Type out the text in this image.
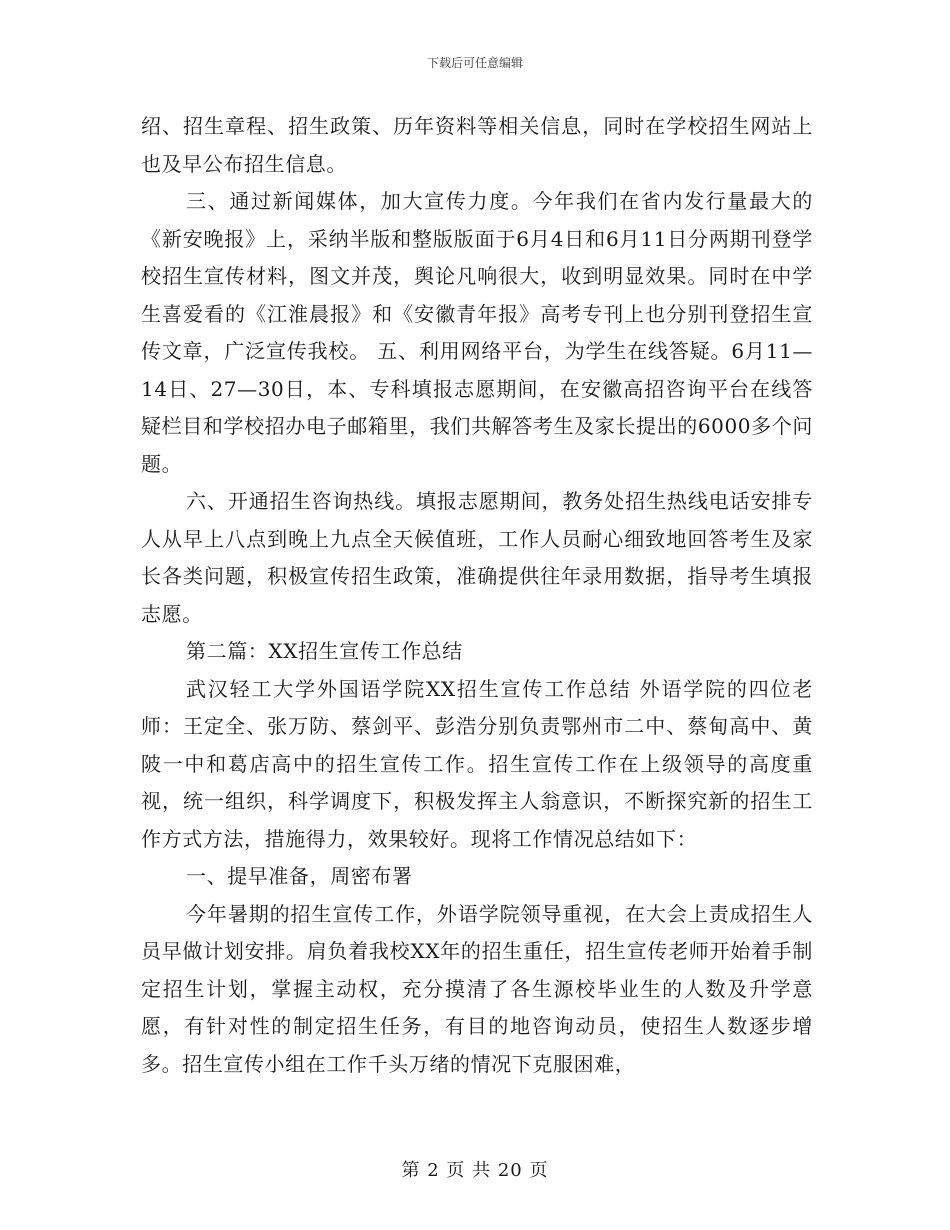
下载后可任意编辑

绍、招生章程、招生政策、历年资料等相关信息，同时在学校招生网站上也及早公布招生信息。

三、通过新闻媒体，加大宣传力度。今年我们在省内发行量最大的《新安晚报》上，采纳半版和整版版面于6月4日和6月11日分两期刊登学校招生宣传材料，图文并茂，舆论凡响很大，收到明显效果。同时在中学生喜爱看的《江淮晨报》和《安徽青年报》高考专刊上也分别刊登招生宣传文章，广泛宣传我校。 五、利用网络平台，为学生在线答疑。6月11—14日、27—30日，本、专科填报志愿期间，在安徽高招咨询平台在线答疑栏目和学校招办电子邮箱里，我们共解答考生及家长提出的6000多个问题。

六、开通招生咨询热线。填报志愿期间，教务处招生热线电话安排专人从早上八点到晚上九点全天候值班，工作人员耐心细致地回答考生及家长各类问题，积极宣传招生政策，准确提供往年录用数据，指导考生填报志愿。

第二篇：XX招生宣传工作总结

武汉轻工大学外国语学院XX招生宣传工作总结 外语学院的四位老师：王定全、张万防、蔡剑平、彭浩分别负责鄂州市二中、蔡甸高中、黄陂一中和葛店高中的招生宣传工作。招生宣传工作在上级领导的高度重视，统一组织，科学调度下，积极发挥主人翁意识，不断探究新的招生工作方式方法，措施得力，效果较好。现将工作情况总结如下：

一、提早准备，周密布署

今年暑期的招生宣传工作，外语学院领导重视，在大会上责成招生人员早做计划安排。肩负着我校XX年的招生重任，招生宣传老师开始着手制定招生计划，掌握主动权，充分摸清了各生源校毕业生的人数及升学意愿，有针对性的制定招生任务，有目的地咨询动员，使招生人数逐步增多。招生宣传小组在工作千头万绪的情况下克服困难，

第 2 页 共 20 页
